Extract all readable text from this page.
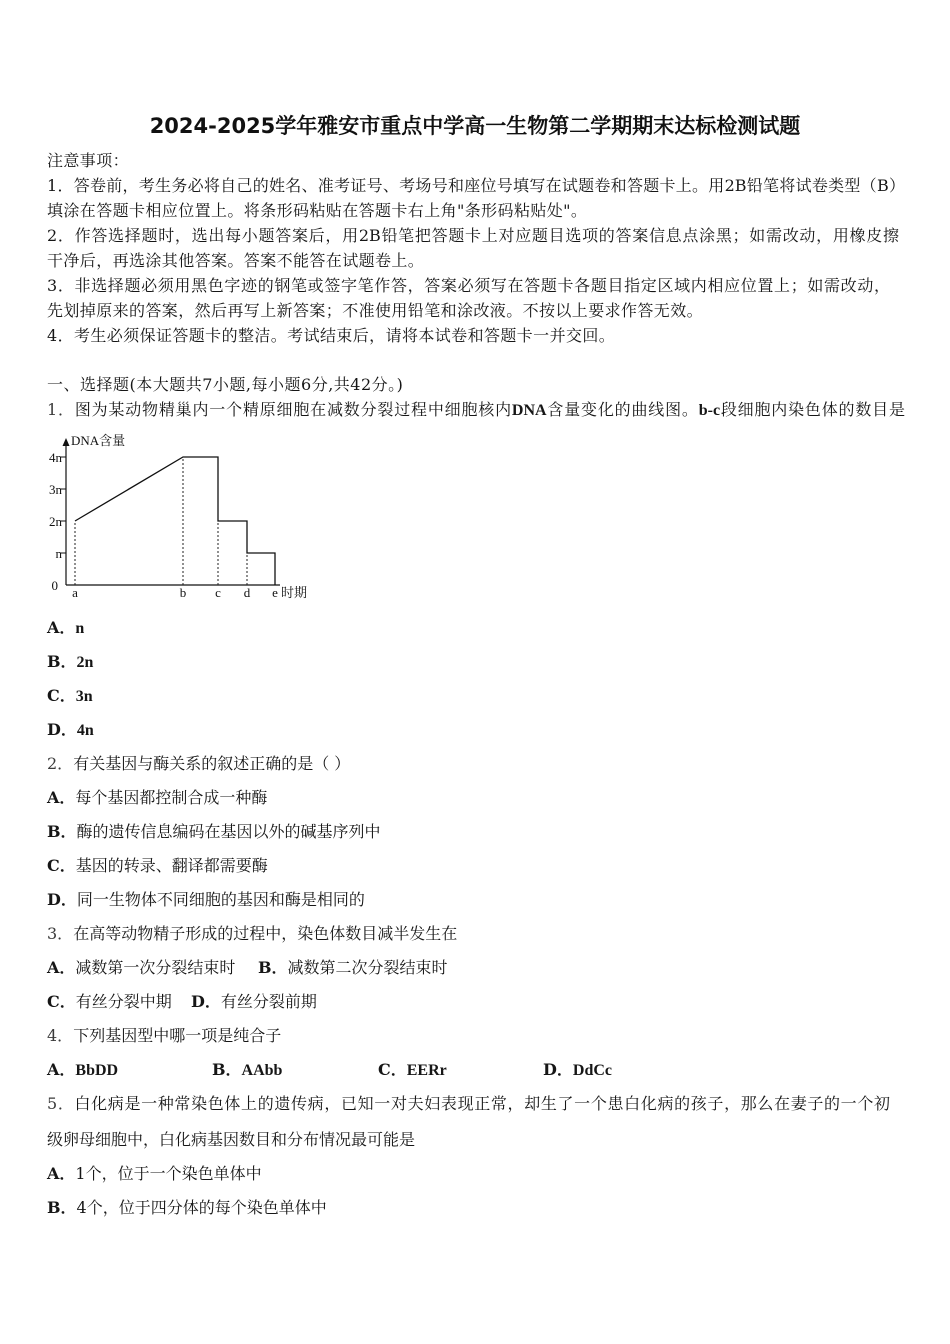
2024-2025学年雅安市重点中学高一生物第二学期期末达标检测试题
注意事项：
1．答卷前，考生务必将自己的姓名、准考证号、考场号和座位号填写在试题卷和答题卡上。用2B铅笔将试卷类型（B）
填涂在答题卡相应位置上。将条形码粘贴在答题卡右上角"条形码粘贴处"。
2．作答选择题时，选出每小题答案后，用2B铅笔把答题卡上对应题目选项的答案信息点涂黑；如需改动，用橡皮擦
干净后，再选涂其他答案。答案不能答在试题卷上。
3．非选择题必须用黑色字迹的钢笔或签字笔作答，答案必须写在答题卡各题目指定区域内相应位置上；如需改动，
先划掉原来的答案，然后再写上新答案；不准使用铅笔和涂改液。不按以上要求作答无效。
4．考生必须保证答题卡的整洁。考试结束后，请将本试卷和答题卡一并交回。
一、选择题(本大题共7小题,每小题6分,共42分。)
1．图为某动物精巢内一个精原细胞在减数分裂过程中细胞核内DNA含量变化的曲线图。b-c段细胞内染色体的数目是
DNA含量
时期
4n
3n
2n
n
0 a	b c d e
A．n
B．2n
C．3n
D．4n
2．有关基因与酶关系的叙述正确的是（ ）
A．每个基因都控制合成一种酶
B．酶的遗传信息编码在基因以外的碱基序列中
C．基因的转录、翻译都需要酶
D．同一生物体不同细胞的基因和酶是相同的
3．在高等动物精子形成的过程中，染色体数目减半发生在
A．减数第一次分裂结束时 B．减数第二次分裂结束时
C．有丝分裂中期 D．有丝分裂前期
4．下列基因型中哪一项是纯合子
A．BbDD	B．AAbb	C．EERr	D．DdCc
5．白化病是一种常染色体上的遗传病，已知一对夫妇表现正常，却生了一个患白化病的孩子，那么在妻子的一个初
级卵母细胞中，白化病基因数目和分布情况最可能是
A．1个，位于一个染色单体中
B．4个，位于四分体的每个染色单体中
